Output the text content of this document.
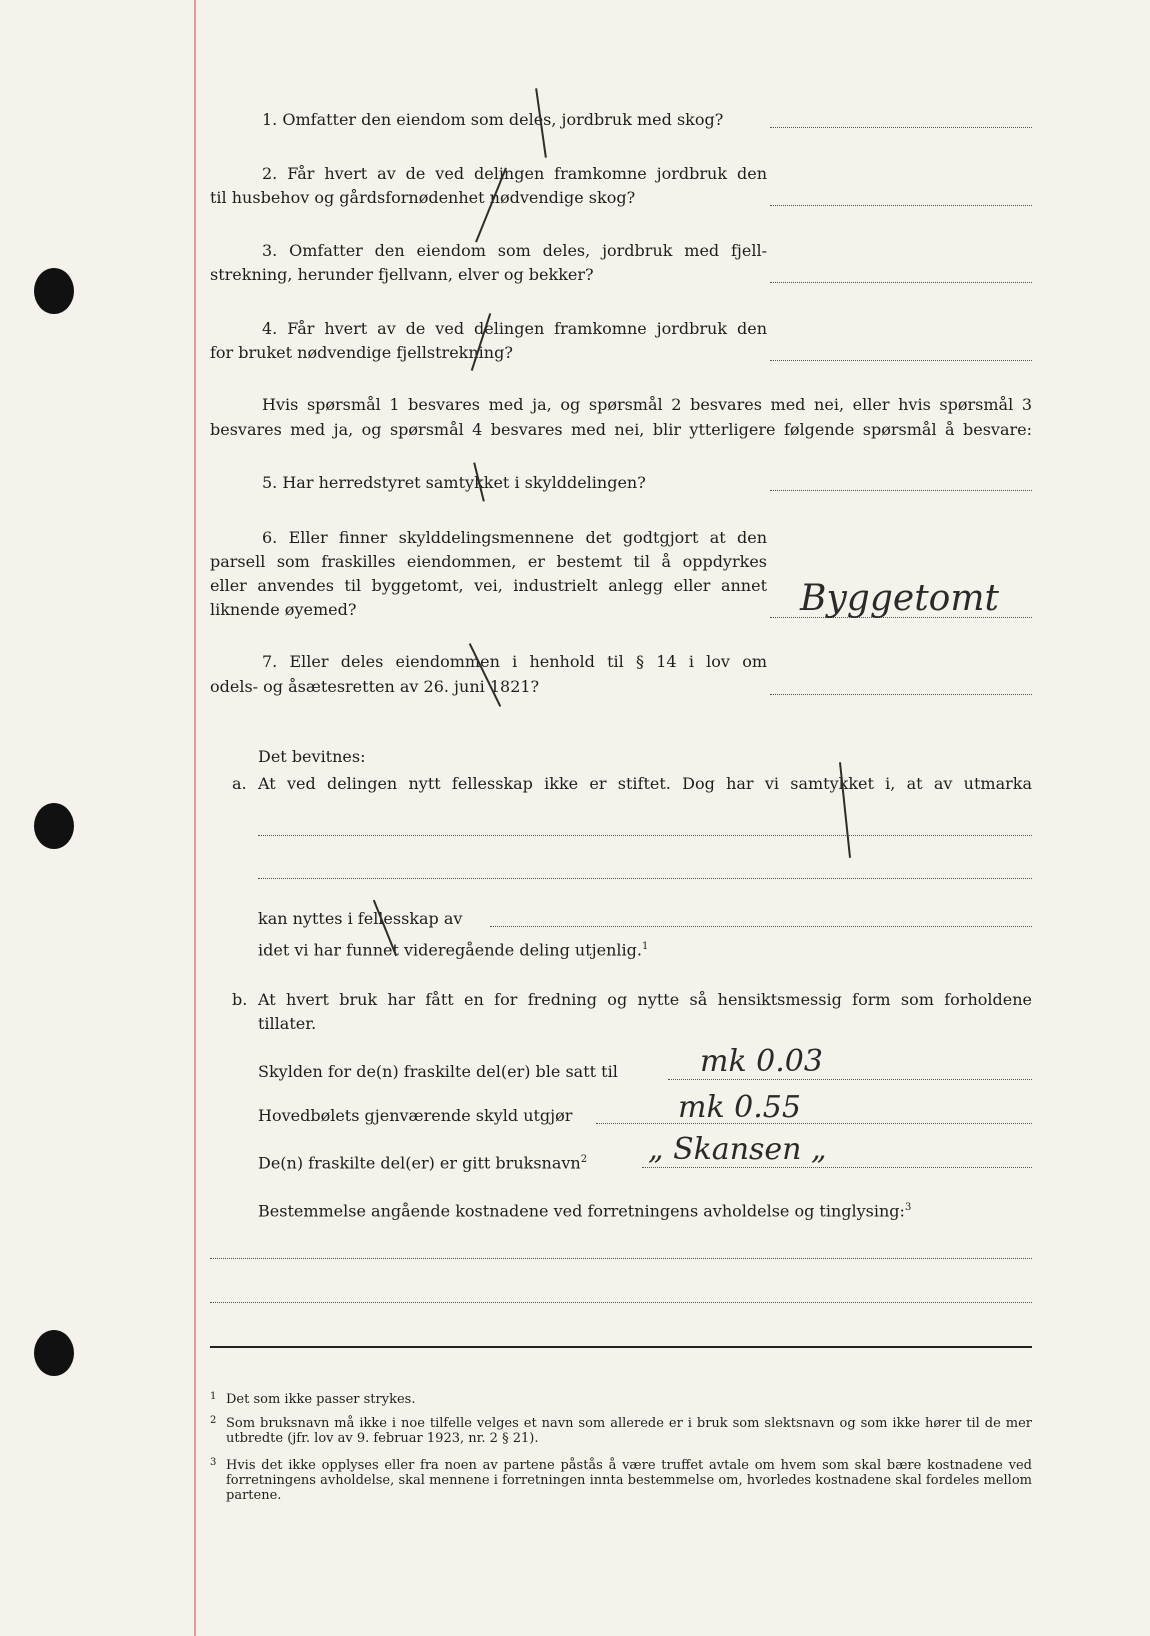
1. Omfatter den eiendom som deles, jordbruk med skog?
2. Får hvert av de ved delingen framkomne jordbruk den
til husbehov og gårdsfornødenhet nødvendige skog?
3. Omfatter den eiendom som deles, jordbruk med fjell-
strekning, herunder fjellvann, elver og bekker?
4. Får hvert av de ved delingen framkomne jordbruk den
for bruket nødvendige fjellstrekning?
Hvis spørsmål 1 besvares med ja, og spørsmål 2 besvares med nei, eller hvis spørsmål 3
besvares med ja, og spørsmål 4 besvares med nei, blir ytterligere følgende spørsmål å besvare:
5. Har herredstyret samtykket i skylddelingen?
6. Eller finner skylddelingsmennene det godtgjort at den
parsell som fraskilles eiendommen, er bestemt til å oppdyrkes
eller anvendes til byggetomt, vei, industrielt anlegg eller annet
liknende øyemed?	Byggetomt
7. Eller deles eiendommen i henhold til § 14 i lov om
odels- og åsætesretten av 26. juni 1821?
Det bevitnes:
a. At ved delingen nytt fellesskap ikke er stiftet. Dog har vi samtykket i, at av utmarka
kan nyttes i fellesskap av
idet vi har funnet videregående deling utjenlig.$^1$
b. At hvert bruk har fått en for fredning og nytte så hensiktsmessig form som forholdene
tillater.
Skylden for de(n) fraskilte del(er) ble satt til	mk 0.03
Hovedbølets gjenværende skyld utgjør	mk 0.55
De(n) fraskilte del(er) er gitt bruksnavn$^2$ „ Skansen „
Bestemmelse angående kostnadene ved forretningens avholdelse og tinglysing:$^3$
1 Det som ikke passer strykes.
2 Som bruksnavn må ikke i noe tilfelle velges et navn som allerede er i bruk som slektsnavn og som ikke hører til de mer utbredte (jfr. lov av 9. februar 1923, nr. 2 § 21).
3 Hvis det ikke opplyses eller fra noen av partene påstås å være truffet avtale om hvem som skal bære kostnadene ved forretningens avholdelse, skal mennene i forretningen innta bestemmelse om, hvorledes kostnadene skal fordeles mellom partene.
